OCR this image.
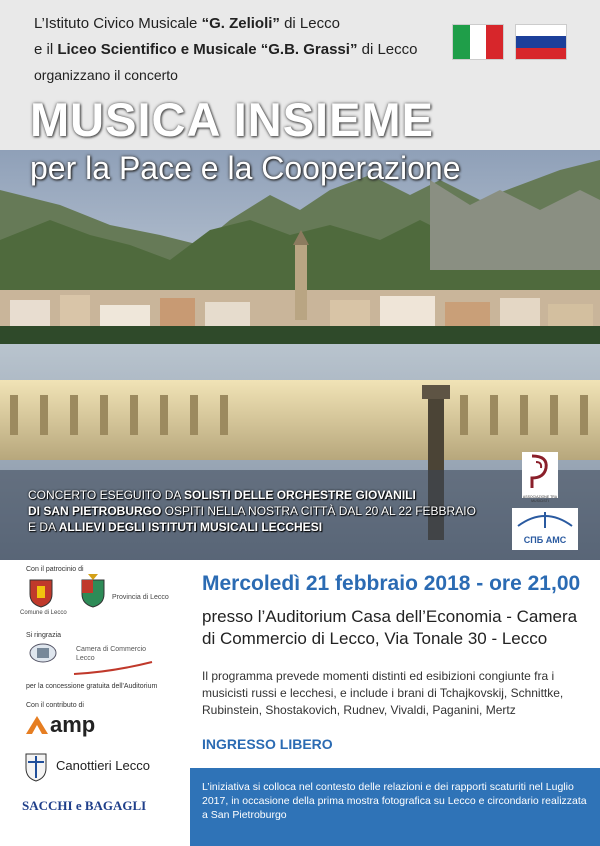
L’Istituto Civico Musicale “G. Zelioli” di Lecco
e il Liceo Scientifico e Musicale “G.B. Grassi” di Lecco
organizzano il concerto
MUSICA INSIEME
per la Pace e la Cooperazione
CONCERTO ESEGUITO DA SOLISTI DELLE ORCHESTRE GIOVANILI
DI SAN PIETROBURGO OSPITI NELLA NOSTRA CITTÀ DAL 20 AL 22 FEBBRAIO
E DA ALLIEVI DEGLI ISTITUTI MUSICALI LECCHESI
ASSOCIAZIONE TRA MUSICISTI
СПБ АМС
Con il patrocinio di
Comune di Lecco
Provincia di Lecco
Si ringrazia
Camera di Commercio
Lecco
per la concessione gratuita dell'Auditorium
Con il contributo di
amp
Canottieri Lecco
SACCHI e BAGAGLI
Mercoledì 21 febbraio 2018 - ore 21,00
presso l’Auditorium Casa dell’Economia - Camera di Commercio di Lecco, Via Tonale 30 - Lecco
Il programma prevede momenti distinti ed esibizioni congiunte fra i musicisti russi e lecchesi, e include i brani di Tchajkovskij, Schnittke, Rubinstein, Shostakovich, Rudnev, Vivaldi, Paganini, Mertz
INGRESSO LIBERO

L’iniziativa si colloca nel contesto delle relazioni e dei rapporti scaturiti nel Luglio 2017, in occasione della prima mostra fotografica su Lecco e circondario realizzata a San Pietroburgo
